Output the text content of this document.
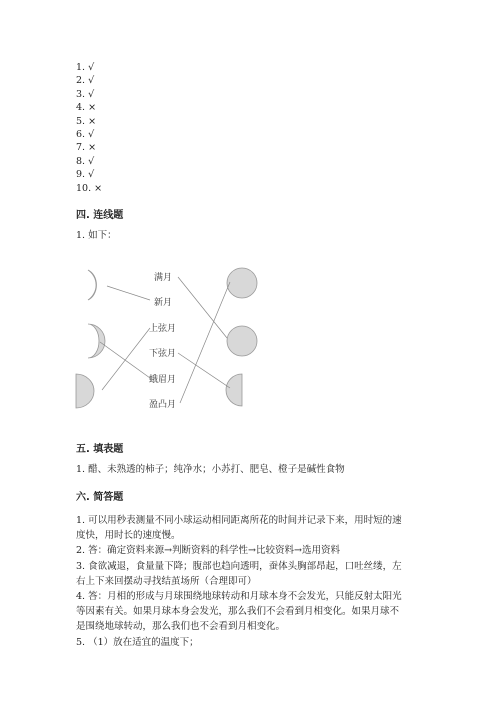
1. √
2. √
3. √
4. ×
5. ×
6. √
7. ×
8. √
9. √
10. ×
四. 连线题
1. 如下：
满月
新月
上弦月
下弦月
蛾眉月
盈凸月
五. 填表题
1. 醋、未熟透的柿子；纯净水；小苏打、肥皂、橙子是碱性食物
六. 简答题
1. 可以用秒表测量不同小球运动相同距离所花的时间并记录下来，用时短的速
度快，用时长的速度慢。
2. 答：确定资料来源→判断资料的科学性→比较资料→选用资料
3. 食欲减退，食量量下降；腹部也趋向透明，蚕体头胸部昂起，口吐丝缕，左
右上下来回摆动寻找结茧场所（合理即可）
4. 答：月相的形成与月球围绕地球转动和月球本身不会发光，只能反射太阳光
等因素有关。如果月球本身会发光，那么我们不会看到月相变化。如果月球不
是围绕地球转动，那么我们也不会看到月相变化。
5. （1）放在适宜的温度下；
